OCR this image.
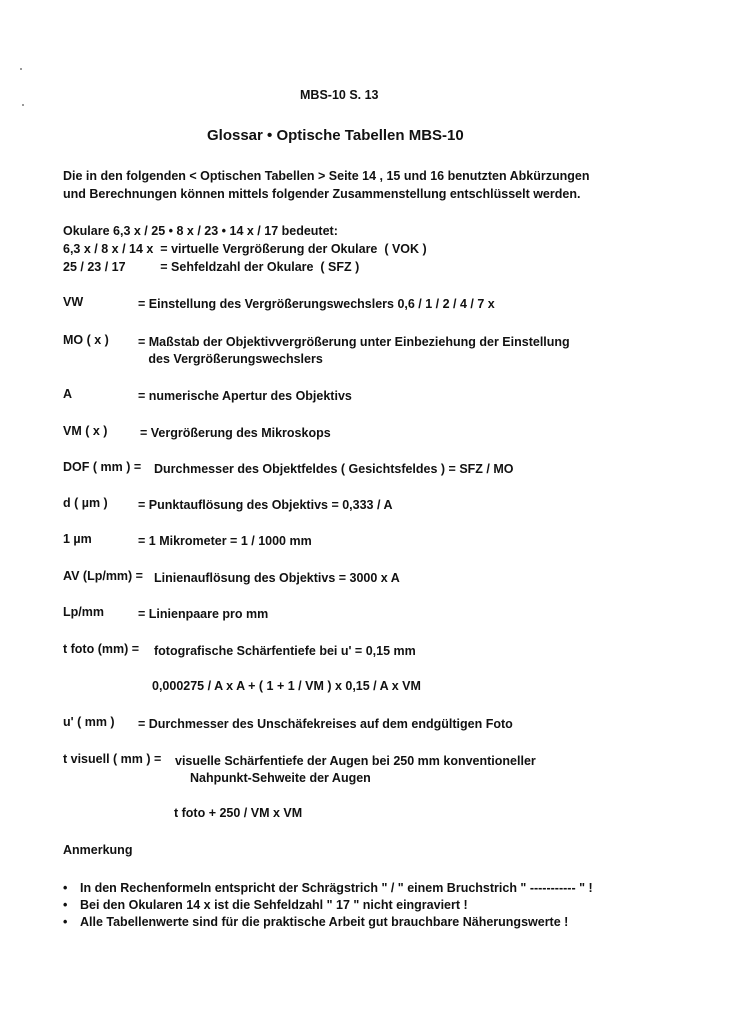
MBS-10 S. 13
Glossar • Optische Tabellen MBS-10
Die in den folgenden < Optischen Tabellen > Seite 14 , 15 und 16 benutzten Abkürzungen
und Berechnungen können mittels folgender Zusammenstellung entschlüsselt werden.
Okulare 6,3 x / 25 • 8 x / 23 • 14 x / 17 bedeutet:
6,3 x / 8 x / 14 x  = virtuelle Vergrößerung der Okulare  ( VOK )
25 / 23 / 17          = Sehfeldzahl der Okulare  ( SFZ )
VW	= Einstellung des Vergrößerungswechslers 0,6 / 1 / 2 / 4 / 7 x
MO ( x ) = Maßstab der Objektivvergrößerung unter Einbeziehung der Einstellung
des Vergrößerungswechslers
A	= numerische Apertur des Objektivs
VM ( x )	= Vergrößerung des Mikroskops
DOF ( mm ) = Durchmesser des Objektfeldes ( Gesichtsfeldes ) = SFZ / MO
d ( µm ) = Punktauflösung des Objektivs = 0,333 / A
1 µm	= 1 Mikrometer = 1 / 1000 mm
AV (Lp/mm) = Linienauflösung des Objektivs = 3000 x A
Lp/mm	= Linienpaare pro mm
t foto (mm) = fotografische Schärfentiefe bei u' = 0,15 mm
0,000275 / A x A + ( 1 + 1 / VM ) x 0,15 / A x VM
u' ( mm ) = Durchmesser des Unschäfekreises auf dem endgültigen Foto
t visuell ( mm ) = visuelle Schärfentiefe der Augen bei 250 mm konventioneller
Nahpunkt-Sehweite der Augen
t foto + 250 / VM x VM
Anmerkung
• In den Rechenformeln entspricht der Schrägstrich " / " einem Bruchstrich " ----------- " !
• Bei den Okularen 14 x ist die Sehfeldzahl " 17 " nicht eingraviert !
• Alle Tabellenwerte sind für die praktische Arbeit gut brauchbare Näherungswerte !
